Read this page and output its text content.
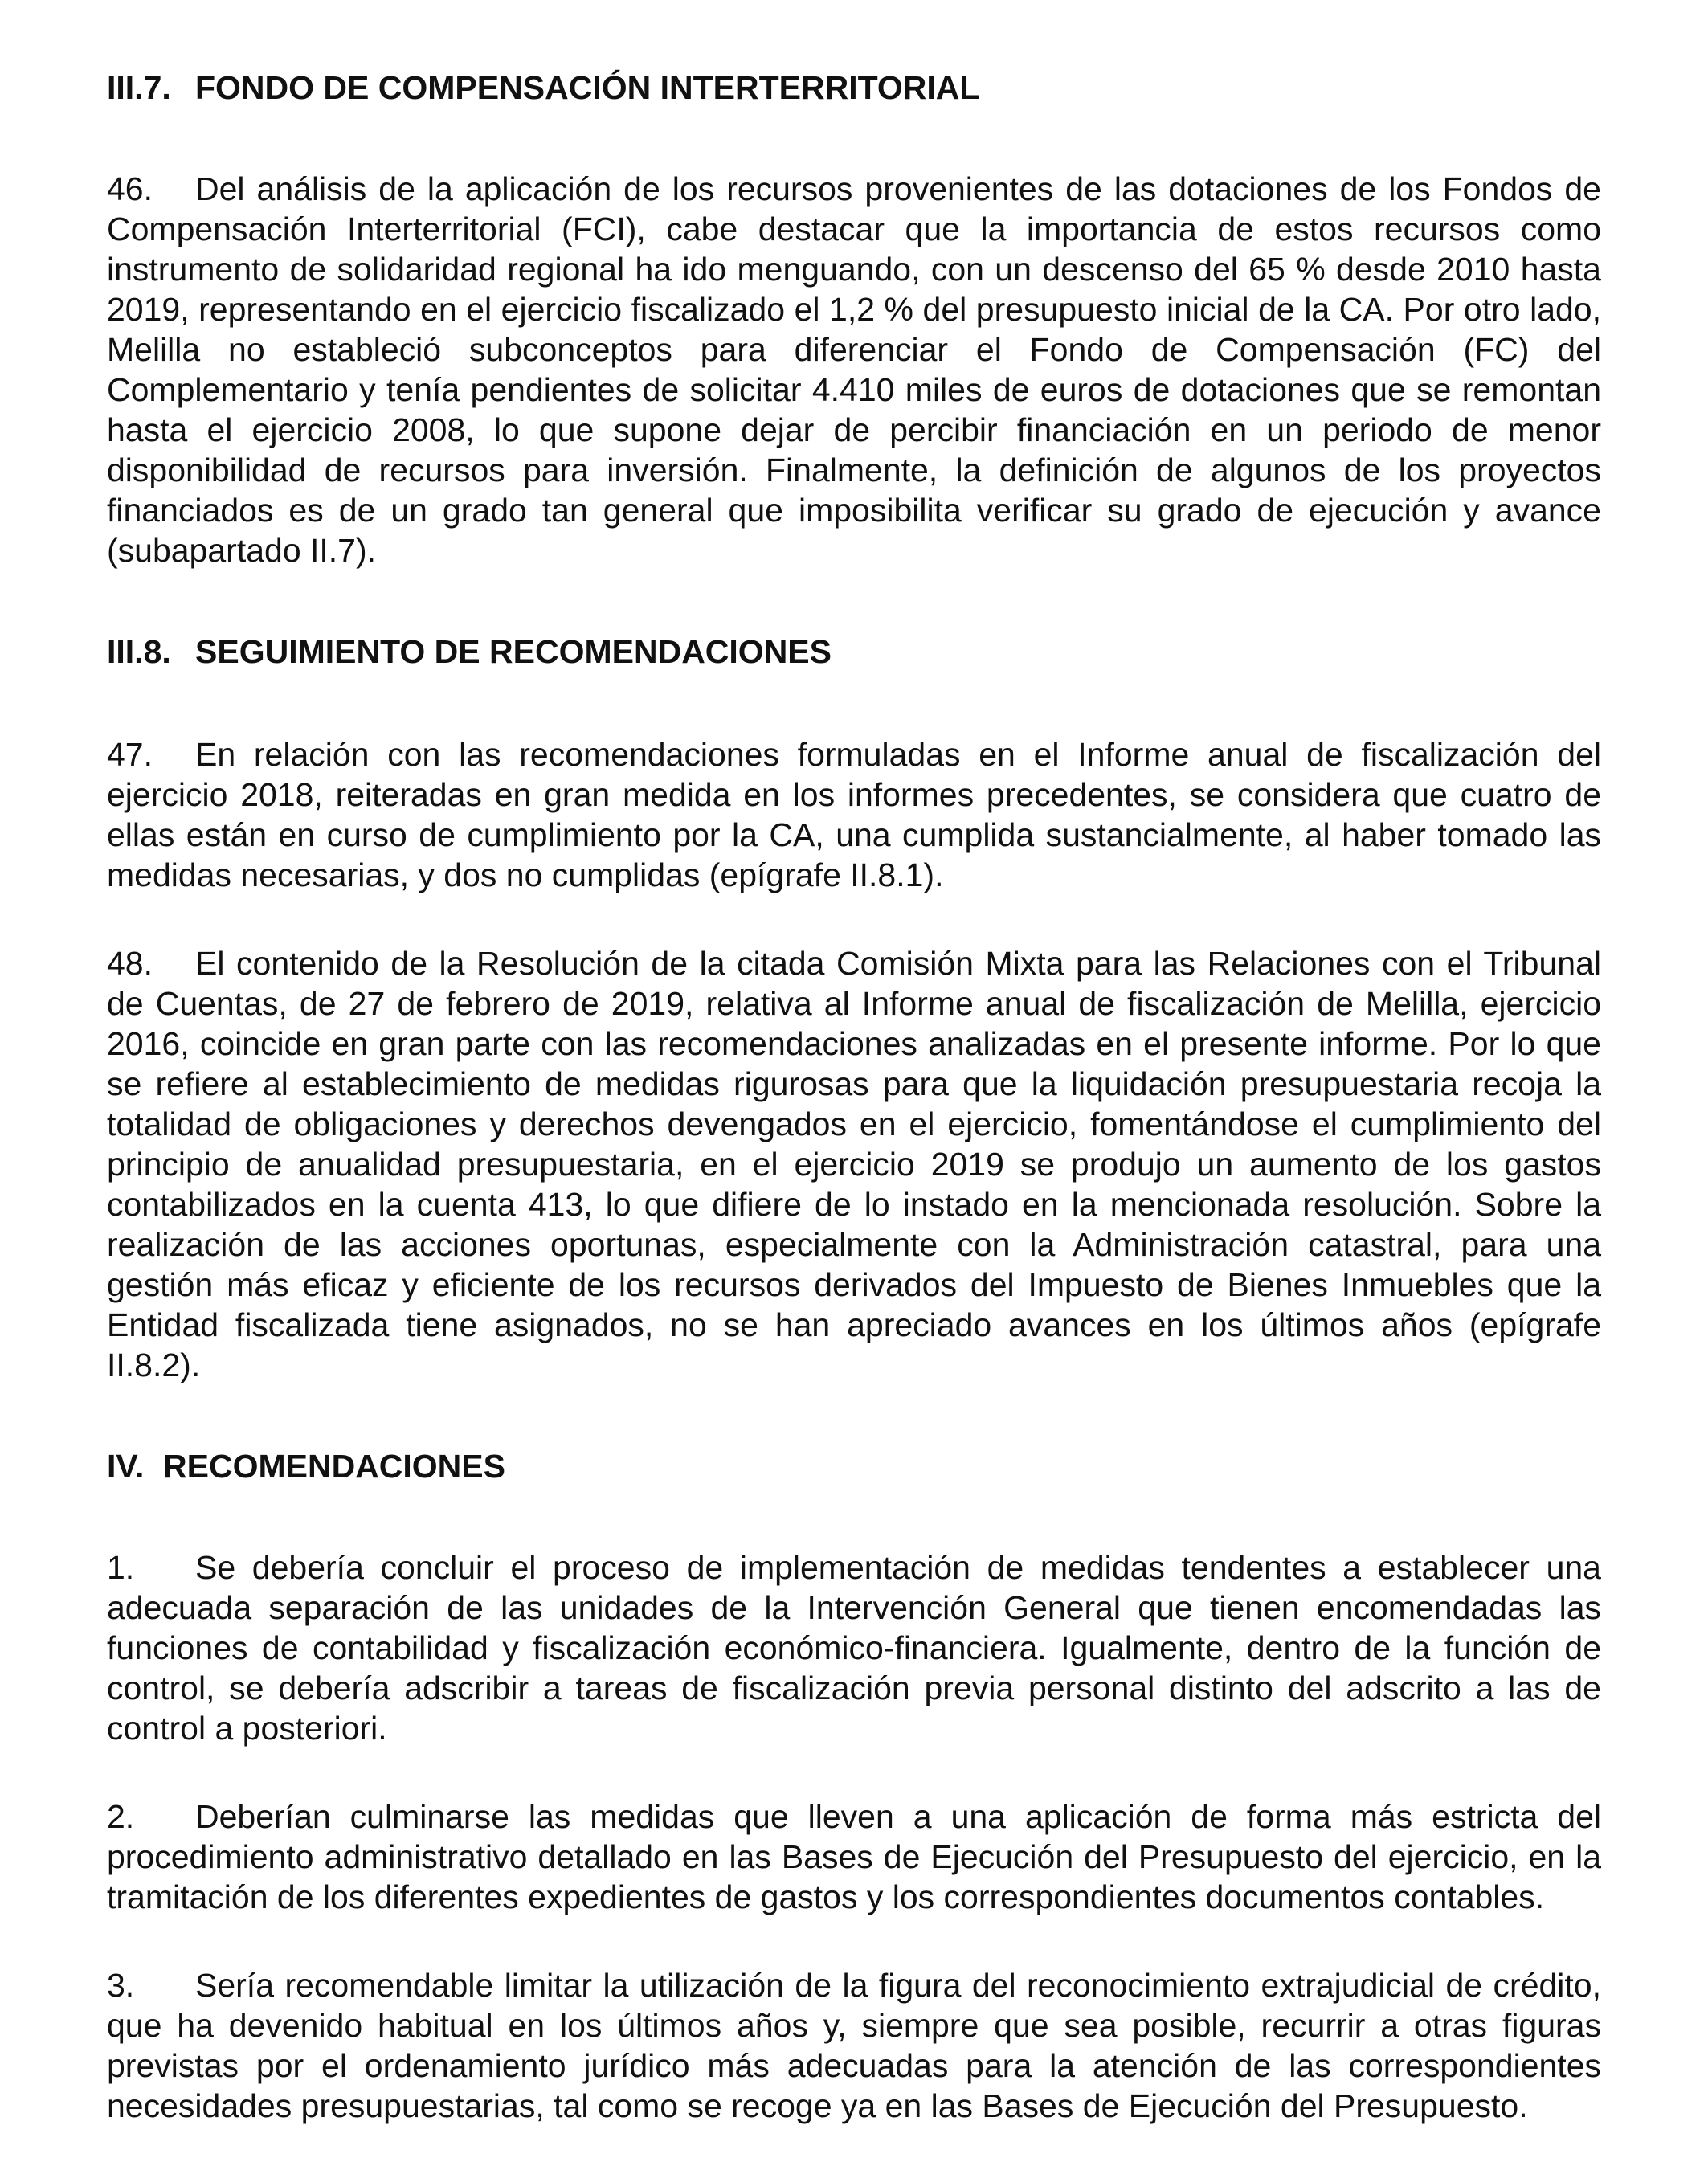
III.7. FONDO DE COMPENSACIÓN INTERTERRITORIAL

46. Del análisis de la aplicación de los recursos provenientes de las dotaciones de los Fondos de Compensación Interterritorial (FCI), cabe destacar que la importancia de estos recursos como instrumento de solidaridad regional ha ido menguando, con un descenso del 65 % desde 2010 hasta 2019, representando en el ejercicio fiscalizado el 1,2 % del presupuesto inicial de la CA. Por otro lado, Melilla no estableció subconceptos para diferenciar el Fondo de Compensación (FC) del Complementario y tenía pendientes de solicitar 4.410 miles de euros de dotaciones que se remontan hasta el ejercicio 2008, lo que supone dejar de percibir financiación en un periodo de menor disponibilidad de recursos para inversión. Finalmente, la definición de algunos de los proyectos financiados es de un grado tan general que imposibilita verificar su grado de ejecución y avance (subapartado II.7).

III.8. SEGUIMIENTO DE RECOMENDACIONES

47. En relación con las recomendaciones formuladas en el Informe anual de fiscalización del ejercicio 2018, reiteradas en gran medida en los informes precedentes, se considera que cuatro de ellas están en curso de cumplimiento por la CA, una cumplida sustancialmente, al haber tomado las medidas necesarias, y dos no cumplidas (epígrafe II.8.1).

48. El contenido de la Resolución de la citada Comisión Mixta para las Relaciones con el Tribunal de Cuentas, de 27 de febrero de 2019, relativa al Informe anual de fiscalización de Melilla, ejercicio 2016, coincide en gran parte con las recomendaciones analizadas en el presente informe. Por lo que se refiere al establecimiento de medidas rigurosas para que la liquidación presupuestaria recoja la totalidad de obligaciones y derechos devengados en el ejercicio, fomentándose el cumplimiento del principio de anualidad presupuestaria, en el ejercicio 2019 se produjo un aumento de los gastos contabilizados en la cuenta 413, lo que difiere de lo instado en la mencionada resolución. Sobre la realización de las acciones oportunas, especialmente con la Administración catastral, para una gestión más eficaz y eficiente de los recursos derivados del Impuesto de Bienes Inmuebles que la Entidad fiscalizada tiene asignados, no se han apreciado avances en los últimos años (epígrafe II.8.2).

IV. RECOMENDACIONES

1. Se debería concluir el proceso de implementación de medidas tendentes a establecer una adecuada separación de las unidades de la Intervención General que tienen encomendadas las funciones de contabilidad y fiscalización económico-financiera. Igualmente, dentro de la función de control, se debería adscribir a tareas de fiscalización previa personal distinto del adscrito a las de control a posteriori.

2. Deberían culminarse las medidas que lleven a una aplicación de forma más estricta del procedimiento administrativo detallado en las Bases de Ejecución del Presupuesto del ejercicio, en la tramitación de los diferentes expedientes de gastos y los correspondientes documentos contables.

3. Sería recomendable limitar la utilización de la figura del reconocimiento extrajudicial de crédito, que ha devenido habitual en los últimos años y, siempre que sea posible, recurrir a otras figuras previstas por el ordenamiento jurídico más adecuadas para la atención de las correspondientes necesidades presupuestarias, tal como se recoge ya en las Bases de Ejecución del Presupuesto.
